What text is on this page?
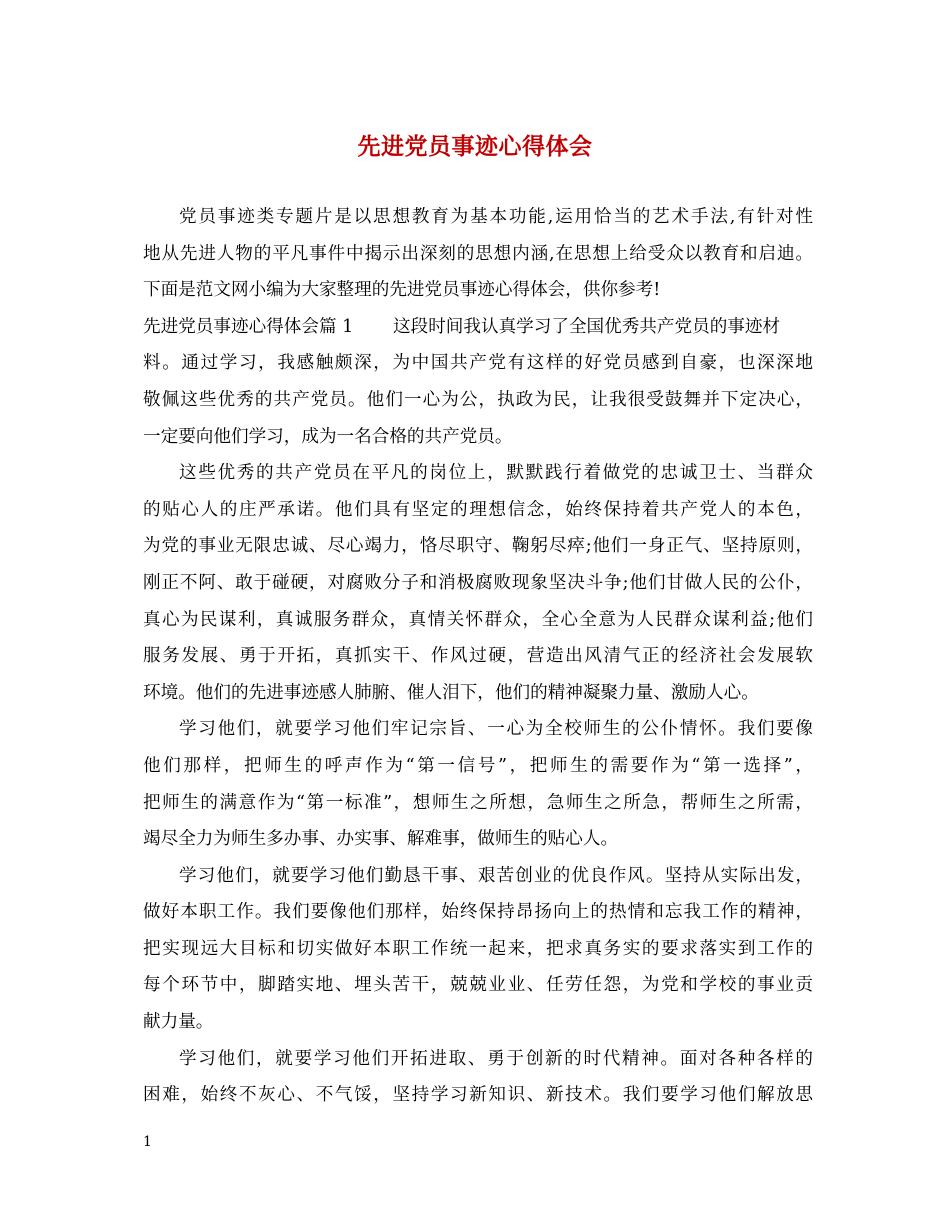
先进党员事迹心得体会
党员事迹类专题片是以思想教育为基本功能,运用恰当的艺术手法,有针对性
地从先进人物的平凡事件中揭示出深刻的思想内涵,在思想上给受众以教育和启迪。
下面是范文网小编为大家整理的先进党员事迹心得体会，供你参考!
先进党员事迹心得体会篇 1 这段时间我认真学习了全国优秀共产党员的事迹材
料。通过学习，我感触颇深，为中国共产党有这样的好党员感到自豪，也深深地
敬佩这些优秀的共产党员。他们一心为公，执政为民，让我很受鼓舞并下定决心，
一定要向他们学习，成为一名合格的共产党员。
这些优秀的共产党员在平凡的岗位上，默默践行着做党的忠诚卫士、当群众
的贴心人的庄严承诺。他们具有坚定的理想信念，始终保持着共产党人的本色，
为党的事业无限忠诚、尽心竭力，恪尽职守、鞠躬尽瘁;他们一身正气、坚持原则，
刚正不阿、敢于碰硬，对腐败分子和消极腐败现象坚决斗争;他们甘做人民的公仆，
真心为民谋利，真诚服务群众，真情关怀群众，全心全意为人民群众谋利益;他们
服务发展、勇于开拓，真抓实干、作风过硬，营造出风清气正的经济社会发展软
环境。他们的先进事迹感人肺腑、催人泪下，他们的精神凝聚力量、激励人心。
学习他们，就要学习他们牢记宗旨、一心为全校师生的公仆情怀。我们要像
他们那样，把师生的呼声作为“第一信号”，把师生的需要作为“第一选择”，
把师生的满意作为“第一标准”，想师生之所想，急师生之所急，帮师生之所需，
竭尽全力为师生多办事、办实事、解难事，做师生的贴心人。
学习他们，就要学习他们勤恳干事、艰苦创业的优良作风。坚持从实际出发，
做好本职工作。我们要像他们那样，始终保持昂扬向上的热情和忘我工作的精神，
把实现远大目标和切实做好本职工作统一起来，把求真务实的要求落实到工作的
每个环节中，脚踏实地、埋头苦干，兢兢业业、任劳任怨，为党和学校的事业贡
献力量。
学习他们，就要学习他们开拓进取、勇于创新的时代精神。面对各种各样的
困难，始终不灰心、不气馁，坚持学习新知识、新技术。我们要学习他们解放思
1
